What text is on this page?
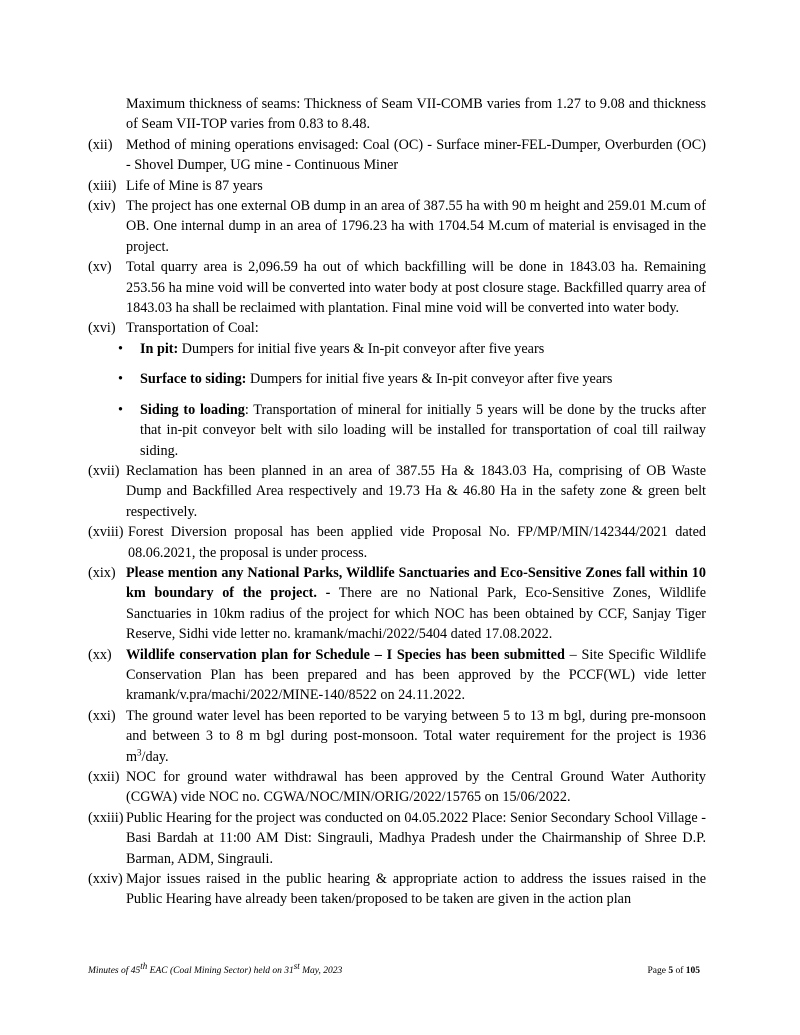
Maximum thickness of seams: Thickness of Seam VII-COMB varies from 1.27 to 9.08 and thickness of Seam VII-TOP varies from 0.83 to 8.48.

(xii) Method of mining operations envisaged: Coal (OC) - Surface miner-FEL-Dumper, Overburden (OC) - Shovel Dumper, UG mine - Continuous Miner

(xiii) Life of Mine is 87 years

(xiv) The project has one external OB dump in an area of 387.55 ha with 90 m height and 259.01 M.cum of OB. One internal dump in an area of 1796.23 ha with 1704.54 M.cum of material is envisaged in the project.

(xv)	Total quarry area is 2,096.59 ha out of which backfilling will be done in 1843.03 ha. Remaining 253.56 ha mine void will be converted into water body at post closure stage. Backfilled quarry area of 1843.03 ha shall be reclaimed with plantation. Final mine void will be converted into water body.

(xvi) Transportation of Coal:

•	In pit: Dumpers for initial five years & In-pit conveyor after five years
•	Surface to siding: Dumpers for initial five years & In-pit conveyor after five years
•	Siding to loading: Transportation of mineral for initially 5 years will be done by the trucks after that in-pit conveyor belt with silo loading will be installed for transportation of coal till railway siding.
(xvii) Reclamation has been planned in an area of 387.55 Ha & 1843.03 Ha, comprising of OB Waste Dump and Backfilled Area respectively and 19.73 Ha & 46.80 Ha in the safety zone & green belt respectively.

(xviii) Forest Diversion proposal has been applied vide Proposal No. FP/MP/MIN/142344/2021 dated 08.06.2021, the proposal is under process.

(xix) Please mention any National Parks, Wildlife Sanctuaries and Eco-Sensitive Zones fall within 10 km boundary of the project. - There are no National Park, Eco-Sensitive Zones, Wildlife Sanctuaries in 10km radius of the project for which NOC has been obtained by CCF, Sanjay Tiger Reserve, Sidhi vide letter no. kramank/machi/2022/5404 dated 17.08.2022.

(xx)	Wildlife conservation plan for Schedule – I Species has been submitted – Site Specific Wildlife Conservation Plan has been prepared and has been approved by the PCCF(WL) vide letter kramank/v.pra/machi/2022/MINE-140/8522 on 24.11.2022.

(xxi) The ground water level has been reported to be varying between 5 to 13 m bgl, during pre-monsoon and between 3 to 8 m bgl during post-monsoon. Total water requirement for the project is 1936 $m^3$/day.

(xxii) NOC for ground water withdrawal has been approved by the Central Ground Water Authority (CGWA) vide NOC no. CGWA/NOC/MIN/ORIG/2022/15765 on 15/06/2022.

(xxiii) Public Hearing for the project was conducted on 04.05.2022 Place: Senior Secondary School Village - Basi Bardah at 11:00 AM Dist: Singrauli, Madhya Pradesh under the Chairmanship of Shree D.P. Barman, ADM, Singrauli.

(xxiv) Major issues raised in the public hearing & appropriate action to address the issues raised in the Public Hearing have already been taken/proposed to be taken are given in the action plan

Minutes of 45th EAC (Coal Mining Sector) held on 31st May, 2023	Page 5 of 105
